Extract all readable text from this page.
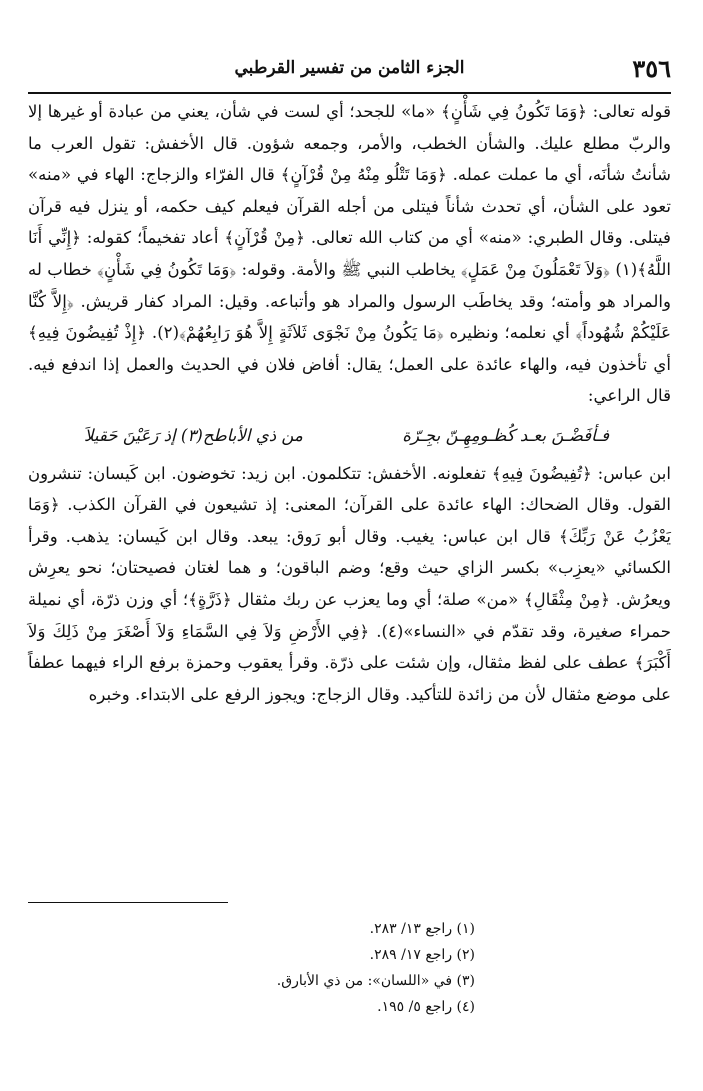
٣٥٦
الجزء الثامن من تفسير القرطبي

قوله تعالى: ﴿وَمَا تَكُونُ فِي شَأْنٍ﴾ «ما» للجحد؛ أي لست في شأن، يعني من عبادة أو غيرها إلا والربّ مطلع عليك. والشأن الخطب، والأمر، وجمعه شؤون. قال الأخفش: تقول العرب ما شأنتُ شأنَه، أي ما عملت عمله. ﴿وَمَا تَتْلُو مِنْهُ مِنْ قُرْآنٍ﴾ قال الفرّاء والزجاج: الهاء في «منه» تعود على الشأن، أي تحدث شأناً فيتلى من أجله القرآن فيعلم كيف حكمه، أو ينزل فيه قرآن فيتلى. وقال الطبري: «منه» أي من كتاب الله تعالى. ﴿مِنْ قُرْآنٍ﴾ أعاد تفخيماً؛ كقوله: ﴿إِنِّي أَنَا اللَّهُ﴾(١) ﴿وَلاَ تَعْمَلُونَ مِنْ عَمَلٍ﴾ يخاطب النبي ﷺ والأمة. وقوله: ﴿وَمَا تَكُونُ فِي شَأْنٍ﴾ خطاب له والمراد هو وأمته؛ وقد يخاطَب الرسول والمراد هو وأتباعه. وقيل: المراد كفار قريش. ﴿إِلاَّ كُنَّا عَلَيْكُمْ شُهُوداً﴾ أي نعلمه؛ ونظيره ﴿مَا يَكُونُ مِنْ نَجْوَى ثَلاَثَةٍ إِلاَّ هُوَ رَابِعُهُمْ﴾(٢). ﴿إِذْ تُفِيضُونَ فِيهِ﴾ أي تأخذون فيه، والهاء عائدة على العمل؛ يقال: أفاض فلان في الحديث والعمل إذا اندفع فيه. قال الراعي:

فـأفَضْـنَ بعـد كُظـومِهِـنّ بجِـرّة
من ذي الأباطح(٣) إذ رَعَيْنَ حَقيلاَ

ابن عباس: ﴿تُفِيضُونَ فِيهِ﴾ تفعلونه. الأخفش: تتكلمون. ابن زيد: تخوضون. ابن كَيسان: تنشرون القول. وقال الضحاك: الهاء عائدة على القرآن؛ المعنى: إذ تشيعون في القرآن الكذب. ﴿وَمَا يَعْزُبُ عَنْ رَبِّكَ﴾ قال ابن عباس: يغيب. وقال أبو رَوق: يبعد. وقال ابن كَيسان: يذهب. وقرأ الكسائي «يعزِب» بكسر الزاي حيث وقع؛ وضم الباقون؛ و هما لغتان فصيحتان؛ نحو يعرِش ويعرُش. ﴿مِنْ مِثْقَالِ﴾ «من» صلة؛ أي وما يعزب عن ربك مثقال ﴿ذَرَّةٍ﴾؛ أي وزن ذرّة، أي نميلة حمراء صغيرة، وقد تقدّم في «النساء»(٤). ﴿فِي الأَرْضِ وَلاَ فِي السَّمَاءِ وَلاَ أَصْغَرَ مِنْ ذَلِكَ وَلاَ أَكْبَرَ﴾ عطف على لفظ مثقال، وإن شئت على ذرّة. وقرأ يعقوب وحمزة برفع الراء فيهما عطفاً على موضع مثقال لأن من زائدة للتأكيد. وقال الزجاج: ويجوز الرفع على الابتداء. وخبره

(١) راجع ١٣/ ٢٨٣.
(٢) راجع ١٧/ ٢٨٩.
(٣) في «اللسان»: من ذي الأبارق.
(٤) راجع ٥/ ١٩٥.
